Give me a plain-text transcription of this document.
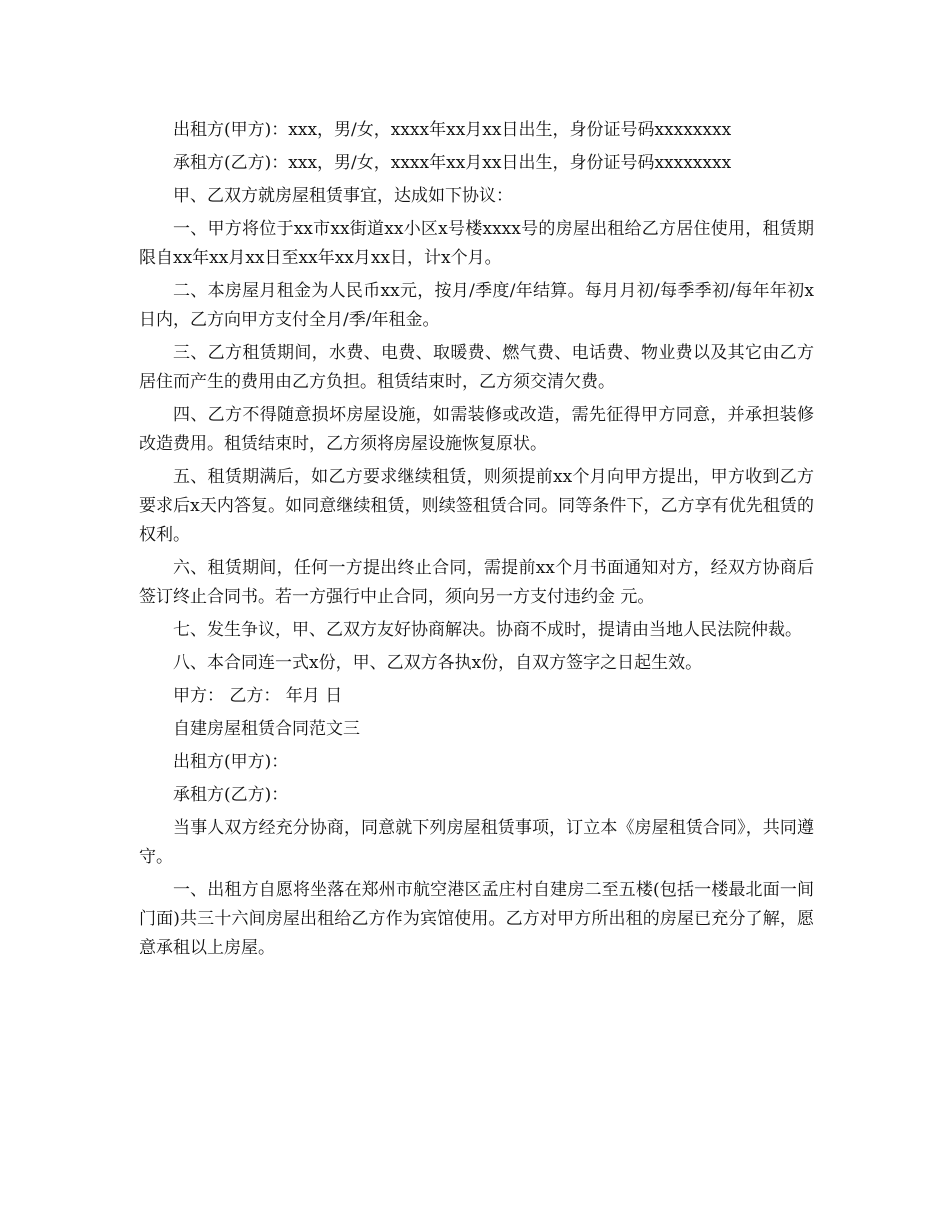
出租方(甲方)：xxx，男/女，xxxx年xx月xx日出生，身份证号码xxxxxxxx

承租方(乙方)：xxx，男/女，xxxx年xx月xx日出生，身份证号码xxxxxxxx

甲、乙双方就房屋租赁事宜，达成如下协议：

一、甲方将位于xx市xx街道xx小区x号楼xxxx号的房屋出租给乙方居住使用，租赁期限自xx年xx月xx日至xx年xx月xx日，计x个月。

二、本房屋月租金为人民币xx元，按月/季度/年结算。每月月初/每季季初/每年年初x日内，乙方向甲方支付全月/季/年租金。

三、乙方租赁期间，水费、电费、取暖费、燃气费、电话费、物业费以及其它由乙方居住而产生的费用由乙方负担。租赁结束时，乙方须交清欠费。

四、乙方不得随意损坏房屋设施，如需装修或改造，需先征得甲方同意，并承担装修改造费用。租赁结束时，乙方须将房屋设施恢复原状。

五、租赁期满后，如乙方要求继续租赁，则须提前xx个月向甲方提出，甲方收到乙方要求后x天内答复。如同意继续租赁，则续签租赁合同。同等条件下，乙方享有优先租赁的权利。

六、租赁期间，任何一方提出终止合同，需提前xx个月书面通知对方，经双方协商后签订终止合同书。若一方强行中止合同，须向另一方支付违约金 元。

七、发生争议，甲、乙双方友好协商解决。协商不成时，提请由当地人民法院仲裁。

八、本合同连一式x份，甲、乙双方各执x份，自双方签字之日起生效。

甲方： 乙方： 年月 日

自建房屋租赁合同范文三

出租方(甲方)：

承租方(乙方)：

当事人双方经充分协商，同意就下列房屋租赁事项，订立本《房屋租赁合同》，共同遵守。

一、出租方自愿将坐落在郑州市航空港区孟庄村自建房二至五楼(包括一楼最北面一间门面)共三十六间房屋出租给乙方作为宾馆使用。乙方对甲方所出租的房屋已充分了解，愿意承租以上房屋。
